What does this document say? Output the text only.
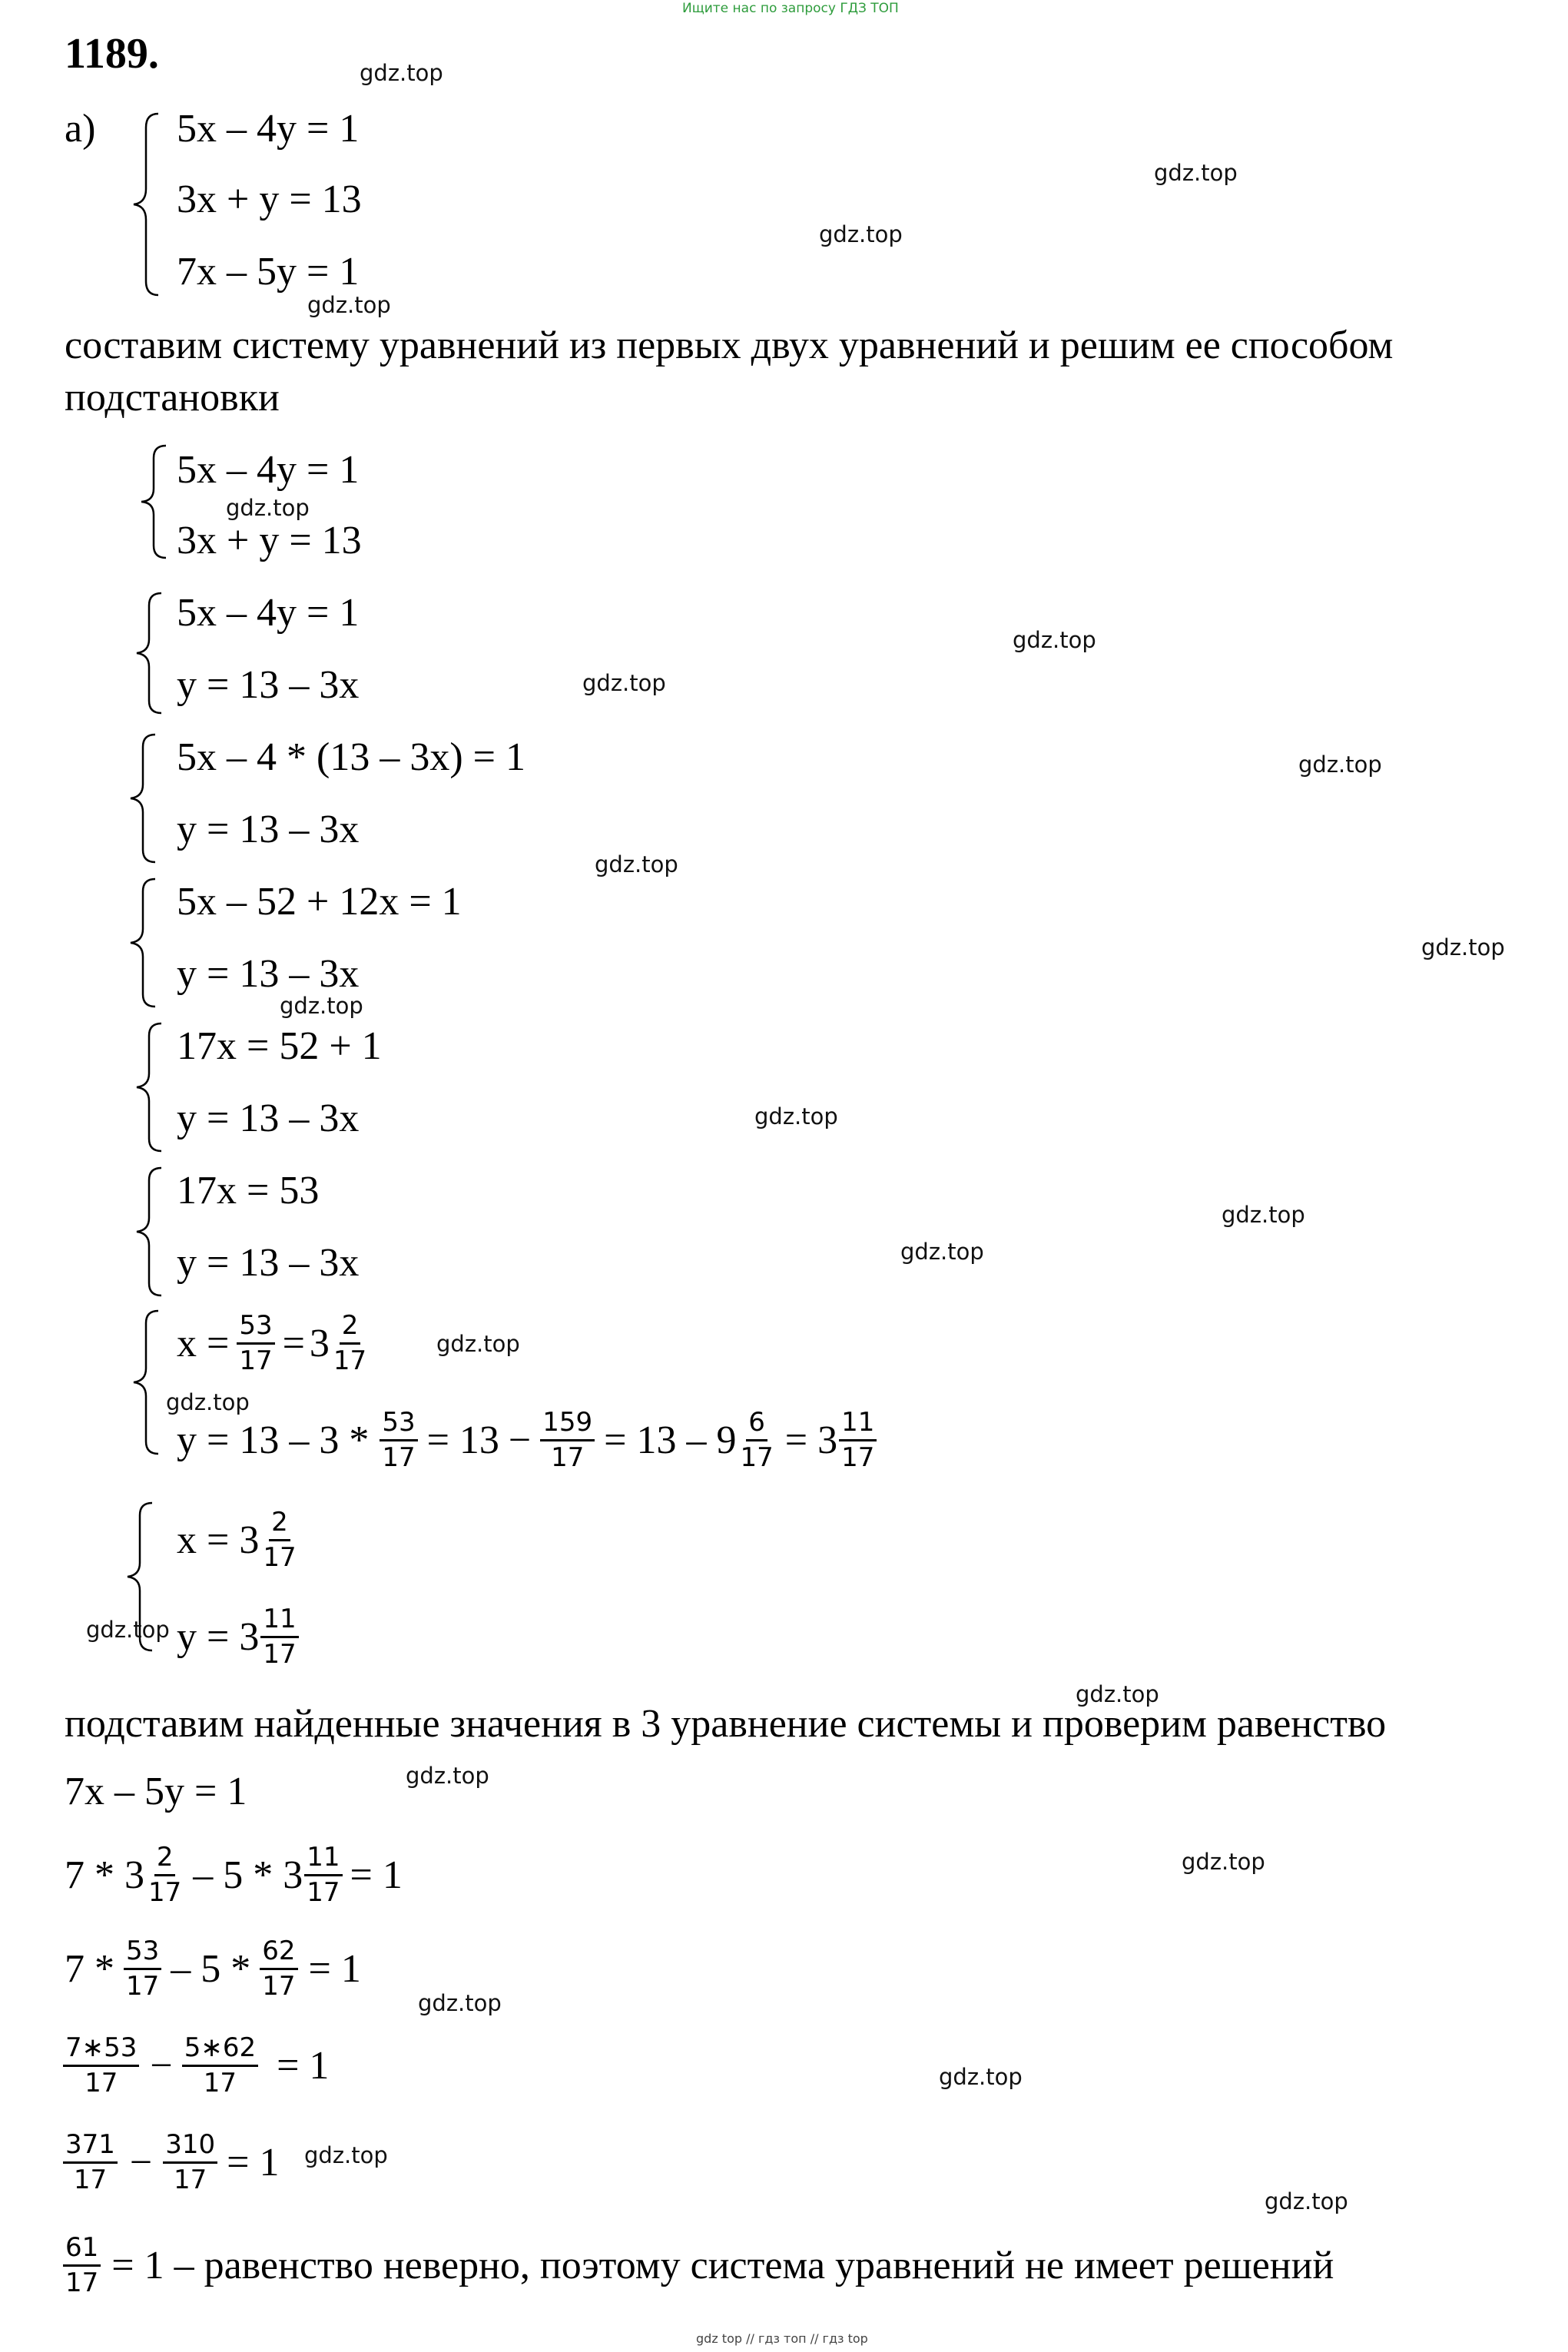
Ищите нас по запросу ГДЗ ТОП
gdz top // гдз топ // гдз top
1189.
а) 5x – 4y = 1
3x + y = 13
7x – 5y = 1
составим систему уравнений из первых двух уравнений и решим ее способом
подстановки
5x – 4y = 1
3x + y = 13
5x – 4y = 1
y = 13 – 3x
5x – 4 * (13 – 3x) = 1
y = 13 – 3x
5x – 52 + 12x = 1
y = 13 – 3x
17x = 52 + 1
y = 13 – 3x
17x = 53
y = 13 – 3x
$x = \frac{53}{17} = 3 \frac{2}{17}$
$y = 13 - 3 * \frac{53}{17} = 13 - \frac{159}{17} = 13 - 9 \frac{6}{17} = 3 \frac{11}{17}$
$x = 3 \frac{2}{17}$
$y = 3 \frac{11}{17}$
подставим найденные значения в 3 уравнение системы и проверим равенство
7x – 5y = 1
$7 * 3 \frac{2}{17} - 5 * 3 \frac{11}{17} = 1$
$7 * \frac{53}{17} - 5 * \frac{62}{17} = 1$
$\frac{7∗53}{17} - \frac{5∗62}{17} = 1$
$\frac{371}{17} - \frac{310}{17} = 1$
$\frac{61}{17} = 1$ – равенство неверно, поэтому система уравнений не имеет решений
gdz.top
gdz.top
gdz.top
gdz.top
gdz.top
gdz.top
gdz.top
gdz.top
gdz.top
gdz.top
gdz.top
gdz.top
gdz.top
gdz.top
gdz.top
gdz.top
gdz.top
gdz.top
gdz.top
gdz.top
gdz.top
gdz.top
gdz.top
gdz.top
